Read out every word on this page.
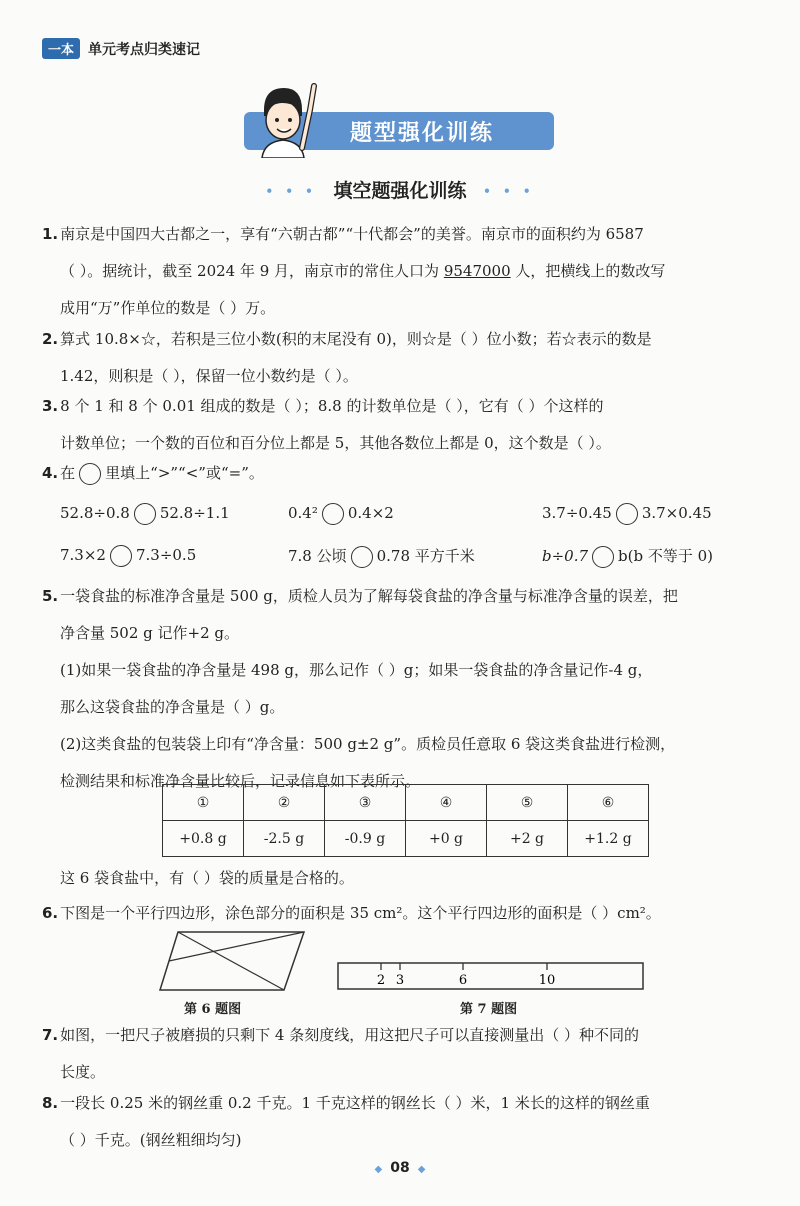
一本	单元考点归类速记
题型强化训练
• • • 填空题强化训练 • • •
1. 南京是中国四大古都之一，享有“六朝古都”“十代都会”的美誉。南京市的面积约为 6587
（ ）。据统计，截至 2024 年 9 月，南京市的常住人口为 9547000 人，把横线上的数改写
成用“万”作单位的数是（ ）万。
2. 算式 10.8×☆，若积是三位小数(积的末尾没有 0)，则☆是（ ）位小数；若☆表示的数是
1.42，则积是（ ），保留一位小数约是（ ）。
3. 8 个 1 和 8 个 0.01 组成的数是（ ）；8.8 的计数单位是（ ），它有（ ）个这样的
计数单位；一个数的百位和百分位上都是 5，其他各数位上都是 0，这个数是（ ）。
4. 在 里填上“>”“<”或“=”。
52.8÷0.8 52.8÷1.1	0.4² 0.4×2	3.7÷0.45 3.7×0.45
7.3×2 7.3÷0.5	7.8 公顷 0.78 平方千米	b÷0.7 b(b 不等于 0)
5. 一袋食盐的标准净含量是 500 g，质检人员为了解每袋食盐的净含量与标准净含量的误差，把
净含量 502 g 记作+2 g。
(1)如果一袋食盐的净含量是 498 g，那么记作（ ）g；如果一袋食盐的净含量记作-4 g，
那么这袋食盐的净含量是（ ）g。
(2)这类食盐的包装袋上印有“净含量：500 g±2 g”。质检员任意取 6 袋这类食盐进行检测，
检测结果和标准净含量比较后，记录信息如下表所示。
①	②	③	④	⑤	⑥
+0.8 g	-2.5 g	-0.9 g	+0 g	+2 g	+1.2 g
这 6 袋食盐中，有（ ）袋的质量是合格的。
6. 下图是一个平行四边形，涂色部分的面积是 35 cm²。这个平行四边形的面积是（ ）cm²。
第 6 题图
2 3	6	10
第 7 题图
7. 如图，一把尺子被磨损的只剩下 4 条刻度线，用这把尺子可以直接测量出（ ）种不同的
长度。
8. 一段长 0.25 米的钢丝重 0.2 千克。1 千克这样的钢丝长（ ）米，1 米长的这样的钢丝重
（ ）千克。(钢丝粗细均匀)
◆ 08 ◆
